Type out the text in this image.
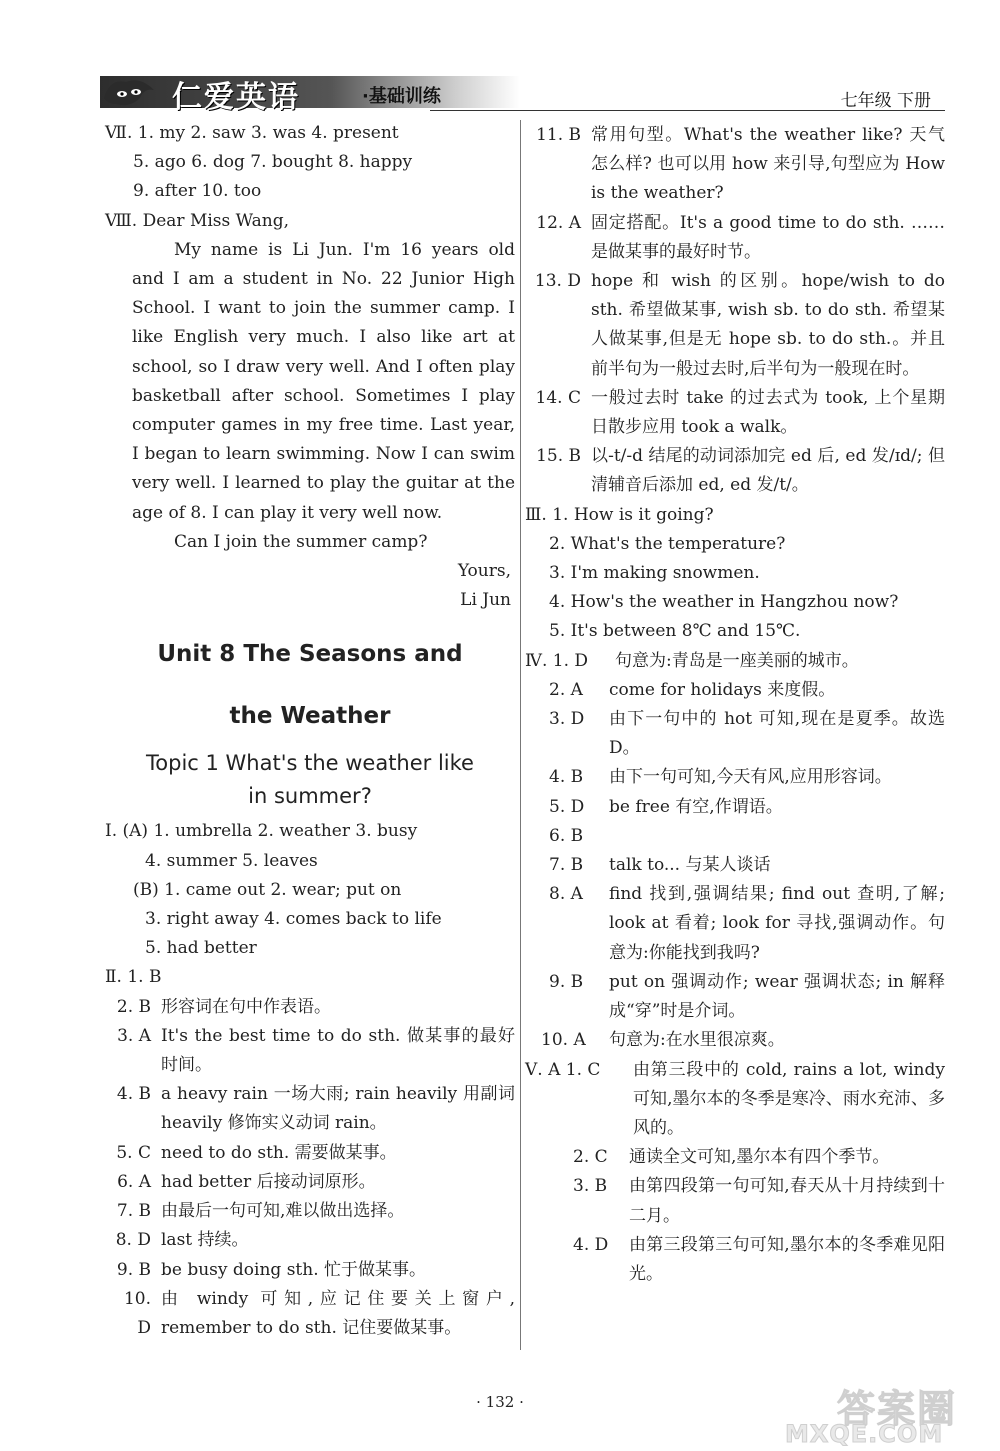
仁爱英语	·基础训练	七年级 下册
Ⅶ. 1.
my 2. saw 3. was 4. present
5. ago 6. dog 7. bought 8. happy
9. after 10. too
Ⅷ. Dear Miss Wang,

My name is Li Jun. I'm 16 years old and I am a student in No. 22 Junior High School. I want to join the summer camp. I like English very much. I also like art at school, so I draw very well. And I often play basketball after school. Sometimes I play computer games in my free time. Last year, I began to learn swimming. Now I can swim very well. I learned to play the guitar at the age of 8. I can play it very well now.

Can I join the summer camp?

Yours,
Li Jun
Unit 8 The Seasons and
the Weather
Topic 1 What's the weather like
in summer?
Ⅰ. (A) 1. umbrella 2. weather 3. busy
4. summer 5. leaves
(B) 1. came out 2. wear; put on
3. right away 4. comes back to life
5. had better
Ⅱ. 1. B
2. B 形容词在句中作表语。
3. A It's the best time to do sth. 做某事的最好时间。
4. B a heavy rain 一场大雨; rain heavily 用副词 heavily 修饰实义动词 rain。
5. C need to do sth. 需要做某事。
6. A had better 后接动词原形。
7. B 由最后一句可知,难以做出选择。
8. D last 持续。
9. B be busy doing sth. 忙于做某事。
10. D
由 windy 可知,应记住要关上窗户, remember to do sth. 记住要做某事。
11. B 常用句型。What's the weather like? 天气怎么样? 也可以用 how 来引导,句型应为 How is the weather?
12. A 固定搭配。It's a good time to do sth. ……是做某事的最好时节。
13. D hope 和 wish 的区别。hope/wish to do sth. 希望做某事, wish sb. to do sth. 希望某人做某事,但是无 hope sb. to do sth.。并且前半句为一般过去时,后半句为一般现在时。
14. C 一般过去时 take 的过去式为 took, 上个星期日散步应用 took a walk。
15. B 以-t/-d 结尾的动词添加完 ed 后, ed 发/ɪd/; 但清辅音后添加 ed, ed 发/t/。
Ⅲ. 1. How is it going?
2. What's the temperature?
3. I'm making snowmen.
4. How's the weather in Hangzhou now?
5. It's between 8℃ and 15℃.
Ⅳ. 1. D	句意为:青岛是一座美丽的城市。
2. A	come for holidays 来度假。
3. D	由下一句中的 hot 可知,现在是夏季。故选 D。
4. B	由下一句可知,今天有风,应用形容词。
5. D	be free 有空,作谓语。
6. B
7. B	talk to... 与某人谈话
8. A	find 找到,强调结果; find out 查明,了解; look at 看着; look for 寻找,强调动作。句意为:你能找到我吗?
9. B	put on 强调动作; wear 强调状态; in 解释成“穿”时是介词。
10. A	句意为:在水里很凉爽。
Ⅴ. A 1. C	由第三段中的 cold, rains a lot, windy 可知,墨尔本的冬季是寒冷、雨水充沛、多风的。
2. C	通读全文可知,墨尔本有四个季节。
3. B	由第四段第一句可知,春天从十月持续到十二月。
4. D	由第三段第三句可知,墨尔本的冬季难见阳光。
· 132 ·	答案圈
MXQE.COM
